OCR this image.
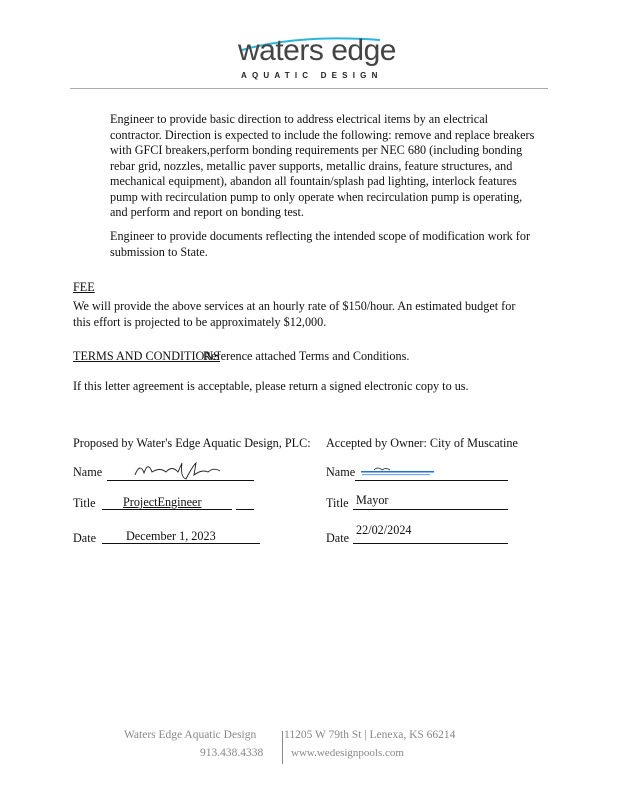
waters edge
AQUATIC DESIGN
Engineer to provide basic direction to address electrical items by an electrical
contractor. Direction is expected to include the following: remove and replace breakers
with GFCI breakers,perform bonding requirements per NEC 680 (including bonding
rebar grid, nozzles, metallic paver supports, metallic drains, feature structures, and
mechanical equipment), abandon all fountain/splash pad lighting, interlock features
pump with recirculation pump to only operate when recirculation pump is operating,
and perform and report on bonding test.
Engineer to provide documents reflecting the intended scope of modification work for
submission to State.
FEE
We will provide the above services at an hourly rate of $150/hour. An estimated budget for
this effort is projected to be approximately $12,000.
TERMS AND CONDITIONS
Reference attached Terms and Conditions.
If this letter agreement is acceptable, please return a signed electronic copy to us.
Proposed by Water's Edge Aquatic Design, PLC:
Name
Title ProjectEngineer
Date December 1, 2023
Accepted by Owner: City of Muscatine
Name
Title Mayor
Date
22/02/2024
Waters Edge Aquatic Design 11205 W 79th St | Lenexa, KS 66214
913.438.4338	www.wedesignpools.com
